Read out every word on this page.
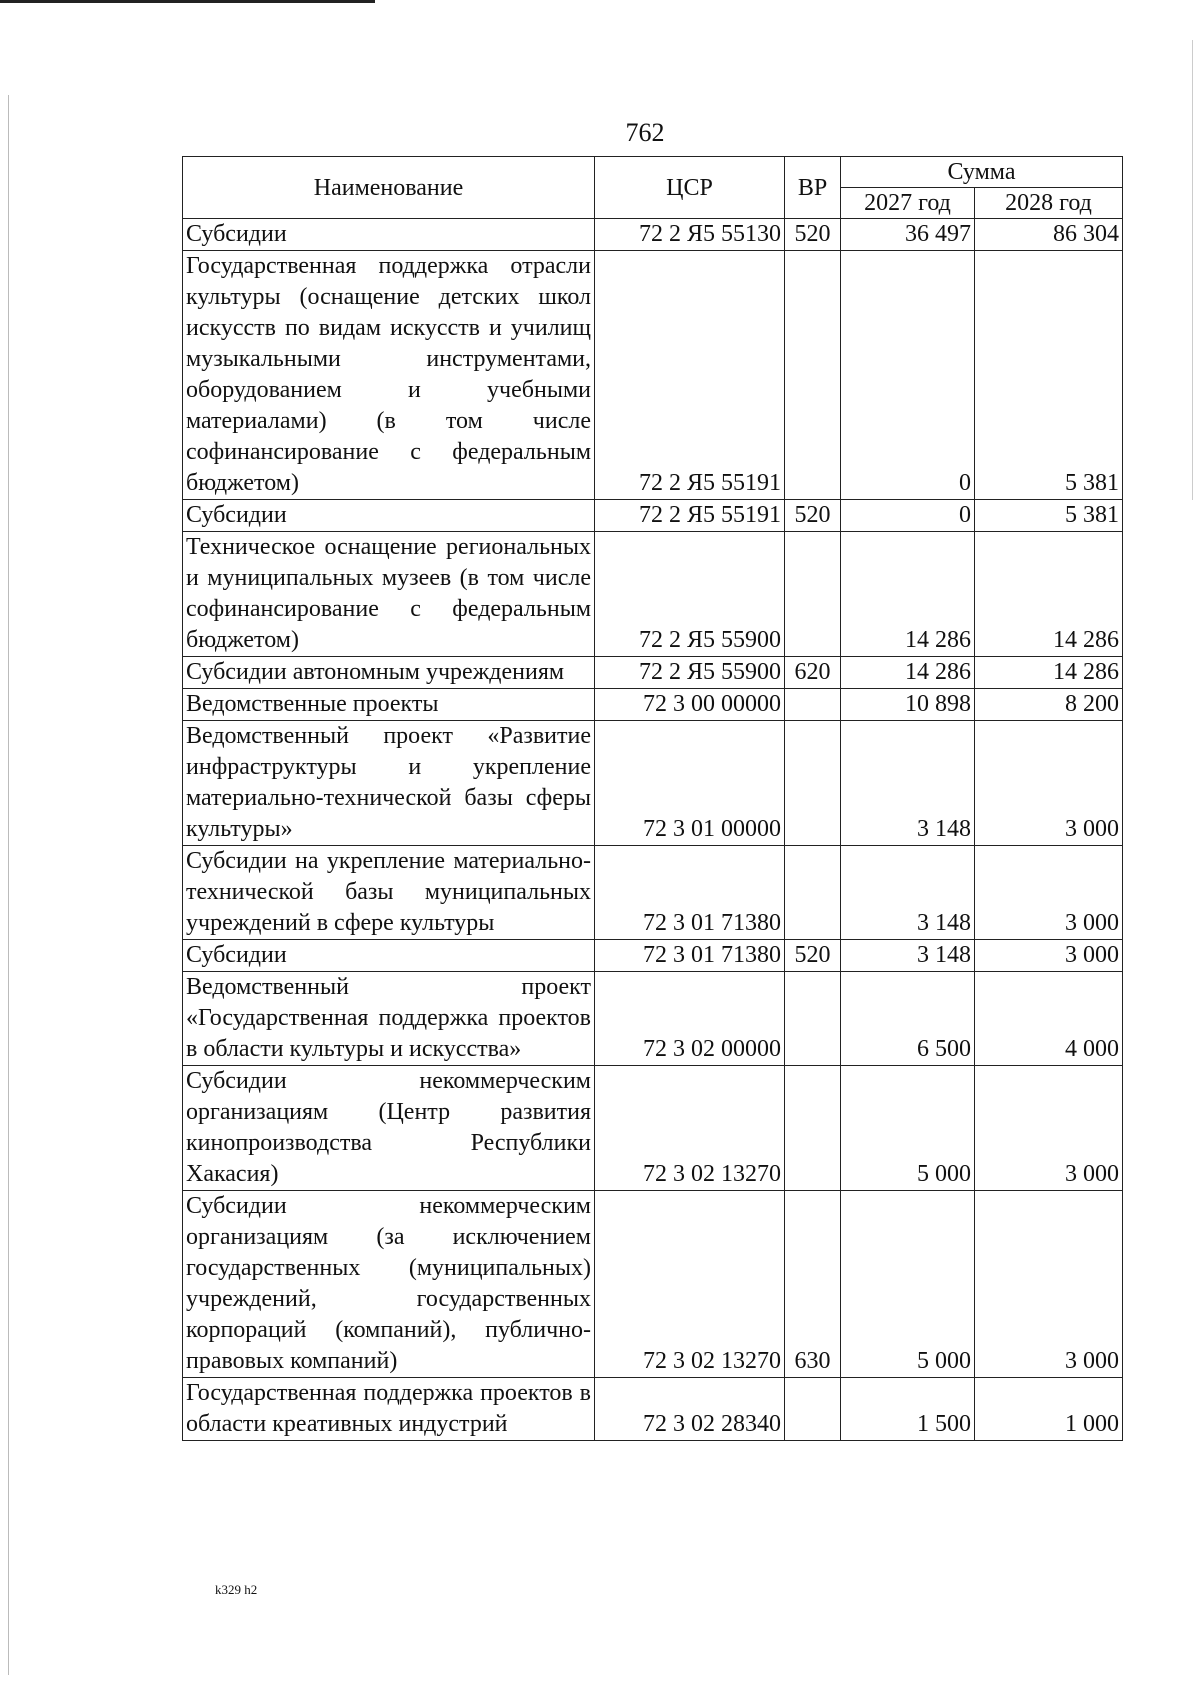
762
Наименование	ЦСР	ВР	Сумма	
			2027 год	2028 год
Субсидии	72 2 Я5 55130	520	36 497	86 304
Государственная поддержка отрасли культуры (оснащение детских школ искусств по видам искусств и училищ музыкальными инструментами, оборудованием и учебными материалами) (в том числе софинансирование с федеральным бюджетом)	72 2 Я5 55191		0	5 381
Субсидии	72 2 Я5 55191	520	0	5 381
Техническое оснащение региональных и муниципальных музеев (в том числе софинансирование с федеральным бюджетом)	72 2 Я5 55900		14 286	14 286
Субсидии автономным учреждениям	72 2 Я5 55900	620	14 286	14 286
Ведомственные проекты	72 3 00 00000		10 898	8 200
Ведомственный проект «Развитие инфраструктуры и укрепление материально-технической базы сферы культуры»	72 3 01 00000		3 148	3 000
Субсидии на укрепление материально-технической базы муниципальных учреждений в сфере культуры	72 3 01 71380		3 148	3 000
Субсидии	72 3 01 71380	520	3 148	3 000
Ведомственный проект «Государственная поддержка проектов в области культуры и искусства»	72 3 02 00000		6 500	4 000
Субсидии некоммерческим организациям (Центр развития кинопроизводства Республики Хакасия)	72 3 02 13270		5 000	3 000
Субсидии некоммерческим организациям (за исключением государственных (муниципальных) учреждений, государственных корпораций (компаний), публично-правовых компаний)	72 3 02 13270	630	5 000	3 000
Государственная поддержка проектов в области креативных индустрий	72 3 02 28340		1 500	1 000
k329 h2
